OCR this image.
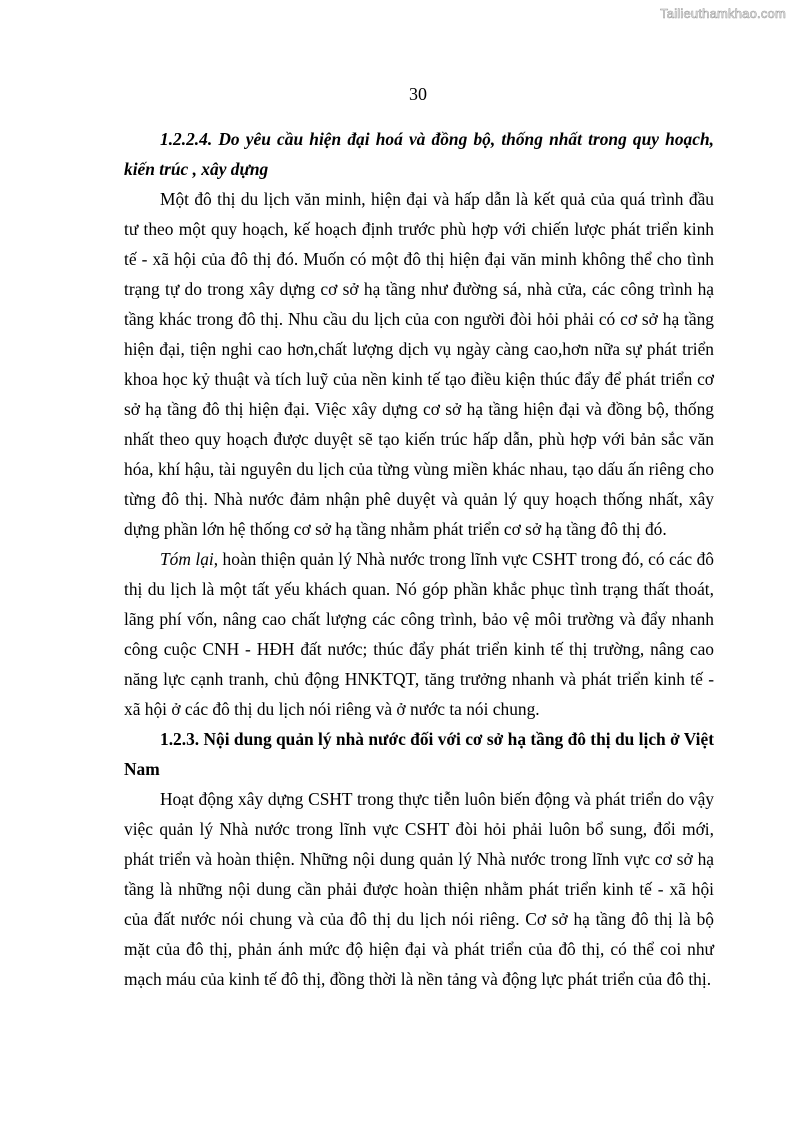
Tailieuthamkhao.com
30

1.2.2.4. Do yêu cầu hiện đại hoá và đồng bộ, thống nhất trong quy hoạch, kiến trúc , xây dựng

Một đô thị du lịch văn minh, hiện đại và hấp dẫn là kết quả của quá trình đầu tư theo một quy hoạch, kế hoạch định trước phù hợp với chiến lược phát triển kinh tế - xã hội của đô thị đó. Muốn có một đô thị hiện đại văn minh không thể cho tình trạng tự do trong xây dựng cơ sở hạ tầng như đường sá, nhà cửa, các công trình hạ tầng khác trong đô thị. Nhu cầu du lịch của con người đòi hỏi phải có cơ sở hạ tầng hiện đại, tiện nghi cao hơn,chất lượng dịch vụ ngày càng cao,hơn nữa sự phát triển khoa học kỷ thuật và tích luỹ của nền kinh tế tạo điều kiện thúc đẩy để phát triển cơ sở hạ tầng đô thị hiện đại. Việc xây dựng cơ sở hạ tầng hiện đại và đồng bộ, thống nhất theo quy hoạch được duyệt sẽ tạo kiến trúc hấp dẫn, phù hợp với bản sắc văn hóa, khí hậu, tài nguyên du lịch của từng vùng miền khác nhau, tạo dấu ấn riêng cho từng đô thị. Nhà nước đảm nhận phê duyệt và quản lý quy hoạch thống nhất, xây dựng phần lớn hệ thống cơ sở hạ tầng nhằm phát triển cơ sở hạ tầng đô thị đó.

Tóm lại, hoàn thiện quản lý Nhà nước trong lĩnh vực CSHT trong đó, có các đô thị du lịch là một tất yếu khách quan. Nó góp phần khắc phục tình trạng thất thoát, lãng phí vốn, nâng cao chất lượng các công trình, bảo vệ môi trường và đẩy nhanh công cuộc CNH - HĐH đất nước; thúc đẩy phát triển kinh tế thị trường, nâng cao năng lực cạnh tranh, chủ động HNKTQT, tăng trưởng nhanh và phát triển kinh tế - xã hội ở các đô thị du lịch nói riêng và ở nước ta nói chung.

1.2.3. Nội dung quản lý nhà nước đối với cơ sở hạ tầng đô thị du lịch ở Việt Nam

Hoạt động xây dựng CSHT trong thực tiễn luôn biến động và phát triển do vậy việc quản lý Nhà nước trong lĩnh vực CSHT đòi hỏi phải luôn bổ sung, đổi mới, phát triển và hoàn thiện. Những nội dung quản lý Nhà nước trong lĩnh vực cơ sở hạ tầng là những nội dung cần phải được hoàn thiện nhằm phát triển kinh tế - xã hội của đất nước nói chung và của đô thị du lịch nói riêng. Cơ sở hạ tầng đô thị là bộ mặt của đô thị, phản ánh mức độ hiện đại và phát triển của đô thị, có thể coi như mạch máu của kinh tế đô thị, đồng thời là nền tảng và động lực phát triển của đô thị.
